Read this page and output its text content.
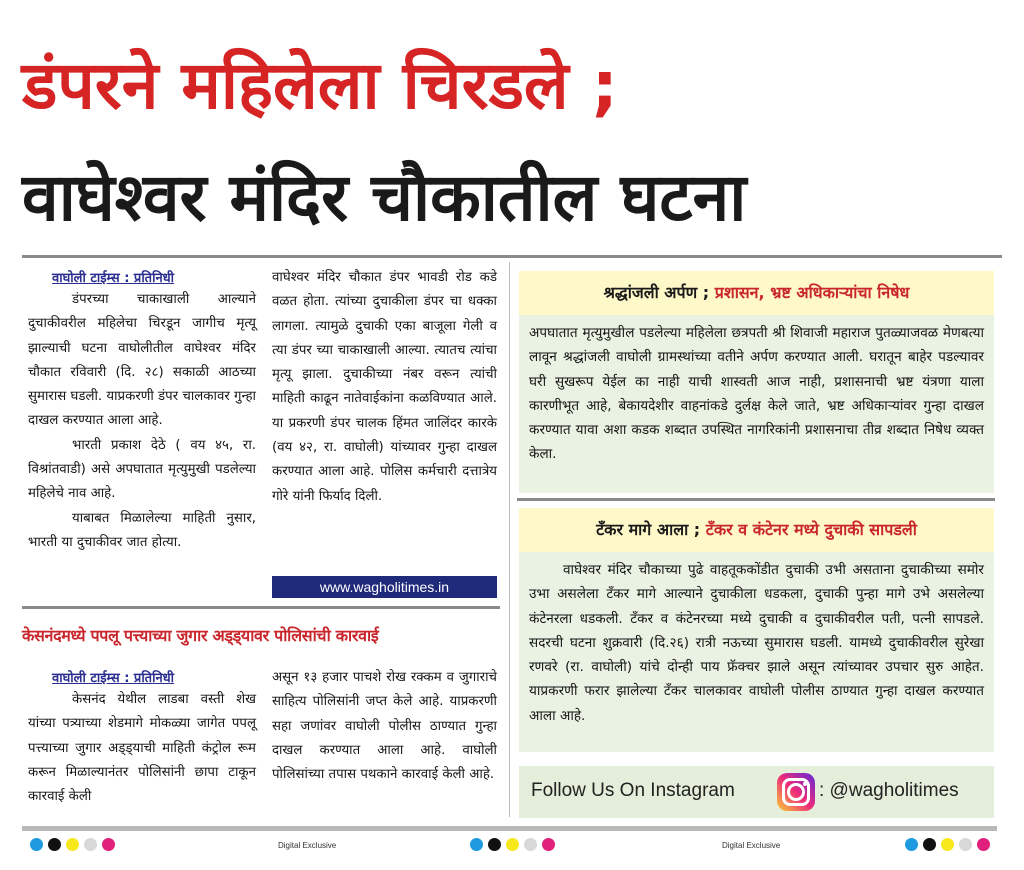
डंपरने महिलेला चिरडले ;
वाघेश्वर मंदिर चौकातील घटना
वाघोली टाईम्स : प्रतिनिधी

डंपरच्या चाकाखाली आल्याने दुचाकीवरील महिलेचा चिरडून जागीच मृत्यू झाल्याची घटना वाघोलीतील वाघेश्वर मंदिर चौकात रविवारी (दि. २८) सकाळी आठच्या सुमारास घडली. याप्रकरणी डंपर चालकावर गुन्हा दाखल करण्यात आला आहे.

भारती प्रकाश देठे ( वय ४५, रा. विश्रांतवाडी) असे अपघातात मृत्युमुखी पडलेल्या महिलेचे नाव आहे.

याबाबत मिळालेल्या माहिती नुसार, भारती या दुचाकीवर जात होत्या.

वाघेश्वर मंदिर चौकात डंपर भावडी रोड कडे वळत होता. त्यांच्या दुचाकीला डंपर चा धक्का लागला. त्यामुळे दुचाकी एका बाजूला गेली व त्या डंपर च्या चाकाखाली आल्या. त्यातच त्यांचा मृत्यू झाला. दुचाकीच्या नंबर वरून त्यांची माहिती काढून नातेवाईकांना कळविण्यात आले. या प्रकरणी डंपर चालक हिंमत जालिंदर कारके (वय ४२, रा. वाघोली) यांच्यावर गुन्हा दाखल करण्यात आला आहे. पोलिस कर्मचारी दत्तात्रेय गोरे यांनी फिर्याद दिली.

www.wagholitimes.in
केसनंदमध्ये पपलू पत्त्याच्या जुगार अड्ड्यावर पोलिसांची कारवाई
वाघोली टाईम्स : प्रतिनिधी

केसनंद येथील लाडबा वस्ती शेख यांच्या पत्र्याच्या शेडमागे मोकळ्या जागेत पपलू पत्त्याच्या जुगार अड्ड्याची माहिती कंट्रोल रूम करून मिळाल्यानंतर पोलिसांनी छापा टाकून कारवाई केली

असून १३ हजार पाचशे रोख रक्कम व जुगाराचे साहित्य पोलिसांनी जप्त केले आहे. याप्रकरणी सहा जणांवर वाघोली पोलीस ठाण्यात गुन्हा दाखल करण्यात आला आहे. वाघोली पोलिसांच्या तपास पथकाने कारवाई केली आहे.

श्रद्धांजली अर्पण ; प्रशासन, भ्रष्ट अधिकाऱ्यांचा निषेध

अपघातात मृत्युमुखील पडलेल्या महिलेला छत्रपती श्री शिवाजी महाराज पुतळ्याजवळ मेणबत्या लावून श्रद्धांजली वाघोली ग्रामस्थांच्या वतीने अर्पण करण्यात आली. घरातून बाहेर पडल्यावर घरी सुखरूप येईल का नाही याची शास्वती आज नाही, प्रशासनाची भ्रष्ट यंत्रणा याला कारणीभूत आहे, बेकायदेशीर वाहनांकडे दुर्लक्ष केले जाते, भ्रष्ट अधिकाऱ्यांवर गुन्हा दाखल करण्यात यावा अशा कडक शब्दात उपस्थित नागरिकांनी प्रशासनाचा तीव्र शब्दात निषेध व्यक्त केला.

टँकर मागे आला ; टँकर व कंटेनर मध्ये दुचाकी सापडली

वाघेश्वर मंदिर चौकाच्या पुढे वाहतूककोंडीत दुचाकी उभी असताना दुचाकीच्या समोर उभा असलेला टँकर मागे आल्याने दुचाकीला धडकला, दुचाकी पुन्हा मागे उभे असलेल्या कंटेनरला धडकली. टँकर व कंटेनरच्या मध्ये दुचाकी व दुचाकीवरील पती, पत्नी सापडले. सदरची घटना शुक्रवारी (दि.२६) रात्री नऊच्या सुमारास घडली. यामध्ये दुचाकीवरील सुरेखा रणवरे (रा. वाघोली) यांचे दोन्ही पाय फ्रॅक्चर झाले असून त्यांच्यावर उपचार सुरु आहेत. याप्रकरणी फरार झालेल्या टँकर चालकावर वाघोली पोलीस ठाण्यात गुन्हा दाखल करण्यात आला आहे.

Follow Us On Instagram	: @wagholitimes
Digital Exclusive	Digital Exclusive
